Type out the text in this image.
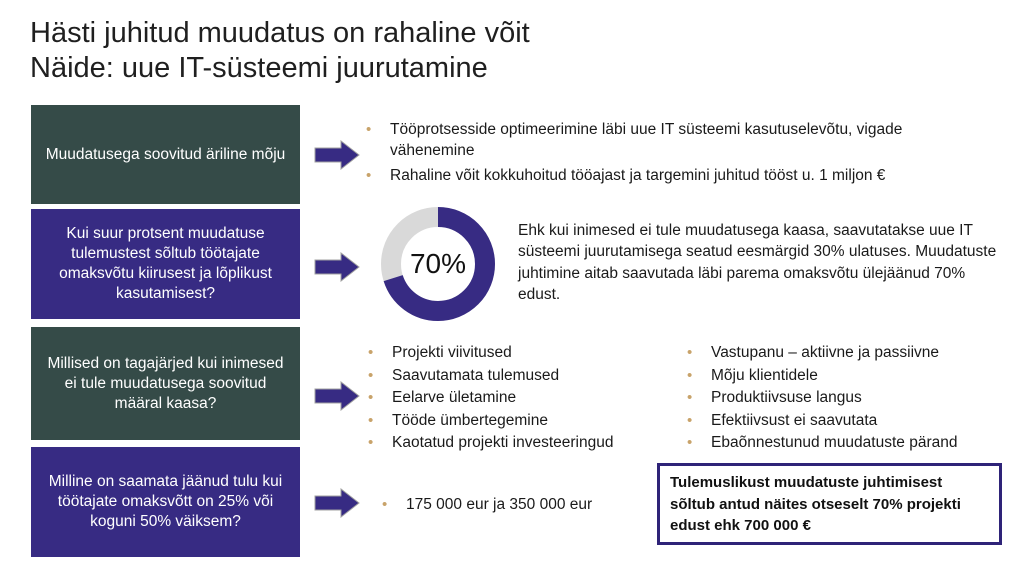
Hästi juhitud muudatus on rahaline võit
Näide: uue IT-süsteemi juurutamine
Muudatusega soovitud äriline mõju
• Tööprotsesside optimeerimine läbi uue IT süsteemi kasutuselevõtu, vigade vähenemine
• Rahaline võit kokkuhoitud tööajast ja targemini juhitud tööst u. 1 miljon €
Kui suur protsent muudatuse tulemustest sõltub töötajate omaksvõtu kiirusest ja lõplikust kasutamisest?
70%
Ehk kui inimesed ei tule muudatusega kaasa, saavutatakse uue IT süsteemi juurutamisega seatud eesmärgid 30% ulatuses. Muudatuste juhtimine aitab saavutada läbi parema omaksvõtu ülejäänud 70% edust.
Millised on tagajärjed kui inimesed ei tule muudatusega soovitud määral kaasa?
• Projekti viivitused
• Saavutamata tulemused
• Eelarve ületamine
• Tööde ümbertegemine
• Kaotatud projekti investeeringud
• Vastupanu – aktiivne ja passiivne
• Mõju klientidele
• Produktiivsuse langus
• Efektiivsust ei saavutata
• Ebaõnnestunud muudatuste pärand
Milline on saamata jäänud tulu kui töötajate omaksvõtt on 25% või koguni 50% väiksem?
• 175 000 eur ja 350 000 eur
Tulemuslikust muudatuste juhtimisest sõltub antud näites otseselt 70% projekti edust ehk 700 000 €
